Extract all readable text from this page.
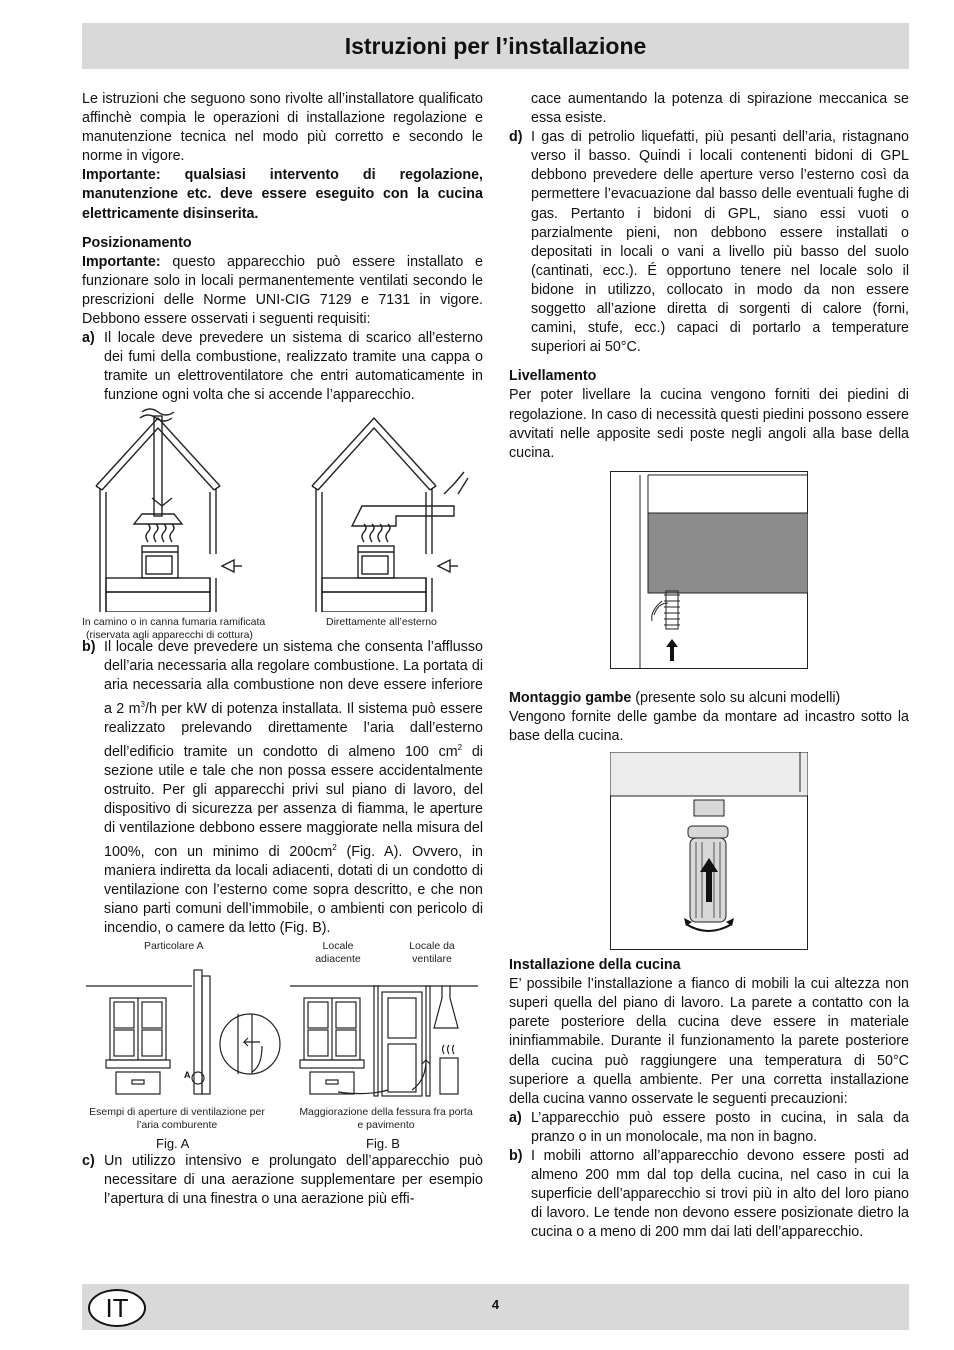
Istruzioni per l’installazione

Le istruzioni che seguono sono rivolte all’installatore qualificato affinchè compia le operazioni di installazione regolazione e manutenzione tecnica nel modo più corretto e secondo le norme in vigore.

Importante: qualsiasi intervento di regolazione, manutenzione etc. deve essere eseguito con la cucina elettricamente disinserita.

Posizionamento

Importante: questo apparecchio può essere installato e funzionare solo in locali permanentemente ventilati secondo le prescrizioni delle Norme UNI-CIG 7129 e 7131 in vigore. Debbono essere osservati i seguenti requisiti:

a) Il locale deve prevedere un sistema di scarico all’esterno dei fumi della combustione, realizzato tramite una cappa o tramite un elettroventilatore che entri automaticamente in funzione ogni volta che si accende l’apparecchio.
In camino o in canna fumaria ramificata
(riservata agli apparecchi di cottura)
Direttamente all’esterno
b) Il locale deve prevedere un sistema che consenta l’afflusso dell’aria necessaria alla regolare combustione. La portata di aria necessaria alla combustione non deve essere inferiore a 2 $m^3/h$ per kW di potenza installata. Il sistema può essere realizzato prelevando direttamente l’aria dall’esterno dell’edificio tramite un condotto di almeno 100 $cm^2$ di sezione utile e tale che non possa essere accidentalmente ostruito. Per gli apparecchi privi sul piano di lavoro, del dispositivo di sicurezza per assenza di fiamma, le aperture di ventilazione debbono essere maggiorate nella misura del 100%, con un minimo di $200cm^2$ (Fig. A). Ovvero, in maniera indiretta da locali adiacenti, dotati di un condotto di ventilazione con l’esterno come sopra descritto, e che non siano parti comuni dell’immobile, o ambienti con pericolo di incendio, o camere da letto (Fig. B).
Particolare A	Locale adiacente
Locale da ventilare
A
Esempi di aperture di ventilazione per l’aria comburente
Maggiorazione della fessura fra porta e pavimento
Fig. A	Fig. B
c) Un utilizzo intensivo e prolungato dell’apparecchio può necessitare di una aerazione supplementare per esempio l’apertura di una finestra o una aerazione più effi-
cace aumentando la potenza di spirazione meccanica se essa esiste.
d) I gas di petrolio liquefatti, più pesanti dell’aria, ristagnano verso il basso. Quindi i locali contenenti bidoni di GPL debbono prevedere delle aperture verso l’esterno così da permettere l’evacuazione dal basso delle eventuali fughe di gas. Pertanto i bidoni di GPL, siano essi vuoti o parzialmente pieni, non debbono essere installati o depositati in locali o vani a livello più basso del suolo (cantinati, ecc.). É opportuno tenere nel locale solo il bidone in utilizzo, collocato in modo da non essere soggetto all’azione diretta di sorgenti di calore (forni, camini, stufe, ecc.) capaci di portarlo a temperature superiori ai 50°C.
Livellamento

Per poter livellare la cucina vengono forniti dei piedini di regolazione. In caso di necessità questi piedini possono essere avvitati nelle apposite sedi poste negli angoli alla base della cucina.

Montaggio gambe (presente solo su alcuni modelli)

Vengono fornite delle gambe da montare ad incastro sotto la base della cucina.

Installazione della cucina

E’ possibile l’installazione a fianco di mobili la cui altezza non superi quella del piano di lavoro. La parete a contatto con la parete posteriore della cucina deve essere in materiale ininfiammabile. Durante il funzionamento la parete posteriore della cucina può raggiungere una temperatura di 50°C superiore a quella ambiente. Per una corretta installazione della cucina vanno osservate le seguenti precauzioni:

a) L’apparecchio può essere posto in cucina, in sala da pranzo o in un monolocale, ma non in bagno.
b) I mobili attorno all’apparecchio devono essere posti ad almeno 200 mm dal top della cucina, nel caso in cui la superficie dell’apparecchio si trovi più in alto del loro piano di lavoro. Le tende non devono essere posizionate dietro la cucina o a meno di 200 mm dai lati dell’apparecchio.
IT	4
